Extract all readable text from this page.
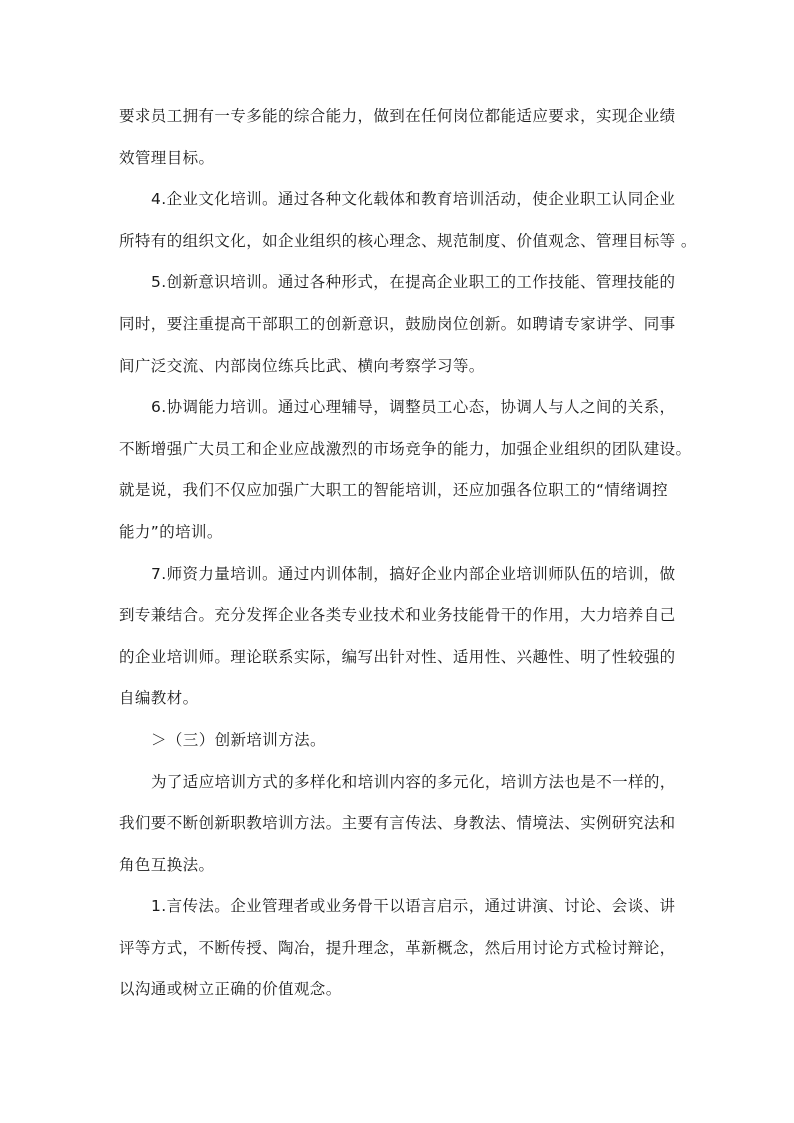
要求员工拥有一专多能的综合能力，做到在任何岗位都能适应要求，实现企业绩
效管理目标。
4.企业文化培训。通过各种文化载体和教育培训活动，使企业职工认同企业
所特有的组织文化，如企业组织的核心理念、规范制度、价值观念、管理目标等 。
5.创新意识培训。通过各种形式，在提高企业职工的工作技能、管理技能的
同时，要注重提高干部职工的创新意识，鼓励岗位创新。如聘请专家讲学、同事
间广泛交流、内部岗位练兵比武、横向考察学习等。
6.协调能力培训。通过心理辅导，调整员工心态，协调人与人之间的关系，
不断增强广大员工和企业应战激烈的市场竞争的能力，加强企业组织的团队建设。
就是说，我们不仅应加强广大职工的智能培训，还应加强各位职工的“情绪调控
能力”的培训。
7.师资力量培训。通过内训体制，搞好企业内部企业培训师队伍的培训，做
到专兼结合。充分发挥企业各类专业技术和业务技能骨干的作用，大力培养自己
的企业培训师。理论联系实际，编写出针对性、适用性、兴趣性、明了性较强的
自编教材。
＞（三）创新培训方法。
为了适应培训方式的多样化和培训内容的多元化，培训方法也是不一样的，
我们要不断创新职教培训方法。主要有言传法、身教法、情境法、实例研究法和
角色互换法。
1.言传法。企业管理者或业务骨干以语言启示，通过讲演、讨论、会谈、讲
评等方式，不断传授、陶冶，提升理念，革新概念，然后用讨论方式检讨辩论，
以沟通或树立正确的价值观念。
